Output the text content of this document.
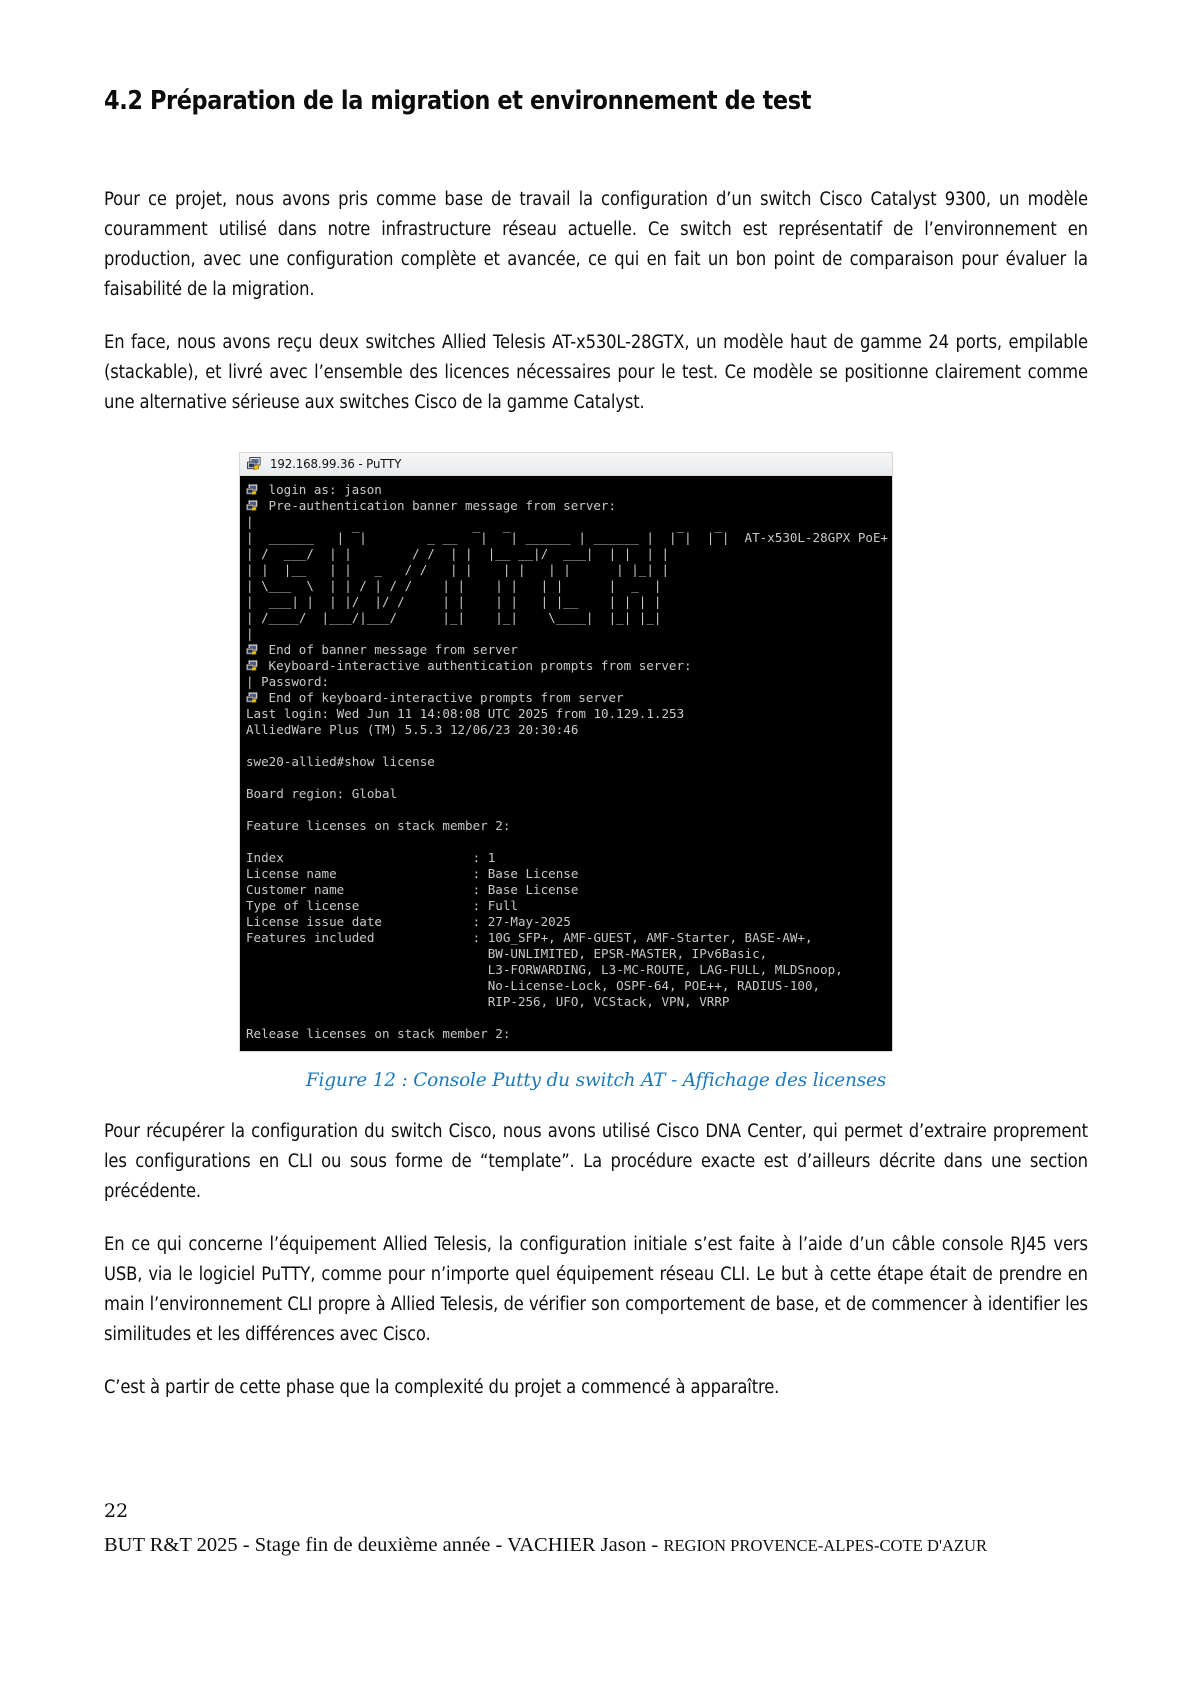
4.2 Préparation de la migration et environnement de test

Pour ce projet, nous avons pris comme base de travail la configuration d’un switch Cisco Catalyst 9300, un modèle couramment utilisé dans notre infrastructure réseau actuelle. Ce switch est représentatif de l’environnement en production, avec une configuration complète et avancée, ce qui en fait un bon point de comparaison pour évaluer la faisabilité de la migration.

En face, nous avons reçu deux switches Allied Telesis AT-x530L-28GTX, un modèle haut de gamme 24 ports, empilable (stackable), et livré avec l’ensemble des licences nécessaires pour le test. Ce modèle se positionne clairement comme une alternative sérieuse aux switches Cisco de la gamme Catalyst.

192.168.99.36 - PuTTY
login as: jason
Pre-authentication banner message from server:
|
|  ______   | ‾|        _ __  ‾|  ‾| ______ | ______ |  |‾|  |‾|  AT-x530L-28GPX PoE+
| /  ___/  | |        / /  | |  |__ __|/  ___|  | |  | |
| |  |__   | |   _   / /   | |    | |   | |      | |_| |
| \___  \  | | / | / /    | |    | |   | |      |  _  |
|  ___| |  | |/  |/ /     | |    | |   | |__    | | | |
| /____/  |___/|___/      |_|    |_|    \____|  |_| |_|
|
End of banner message from server
Keyboard-interactive authentication prompts from server:
| Password:
End of keyboard-interactive prompts from server
Last login: Wed Jun 11 14:08:08 UTC 2025 from 10.129.1.253
AlliedWare Plus (TM) 5.5.3 12/06/23 20:30:46
swe20-allied#show license
Board region: Global
Feature licenses on stack member 2:
Index                         : 1
License name                  : Base License
Customer name                 : Base License
Type of license               : Full
License issue date            : 27-May-2025
Features included             : 10G_SFP+, AMF-GUEST, AMF-Starter, BASE-AW+,
BW-UNLIMITED, EPSR-MASTER, IPv6Basic,
L3-FORWARDING, L3-MC-ROUTE, LAG-FULL, MLDSnoop,
No-License-Lock, OSPF-64, POE++, RADIUS-100,
RIP-256, UFO, VCStack, VPN, VRRP
Release licenses on stack member 2:
Figure 12 : Console Putty du switch AT - Affichage des licenses

Pour récupérer la configuration du switch Cisco, nous avons utilisé Cisco DNA Center, qui permet d’extraire proprement les configurations en CLI ou sous forme de “template”. La procédure exacte est d’ailleurs décrite dans une section précédente.

En ce qui concerne l’équipement Allied Telesis, la configuration initiale s’est faite à l’aide d’un câble console RJ45 vers USB, via le logiciel PuTTY, comme pour n’importe quel équipement réseau CLI. Le but à cette étape était de prendre en main l’environnement CLI propre à Allied Telesis, de vérifier son comportement de base, et de commencer à identifier les similitudes et les différences avec Cisco.

C’est à partir de cette phase que la complexité du projet a commencé à apparaître.

22
BUT R&T 2025 - Stage fin de deuxième année - VACHIER Jason - REGION PROVENCE-ALPES-COTE D'AZUR
